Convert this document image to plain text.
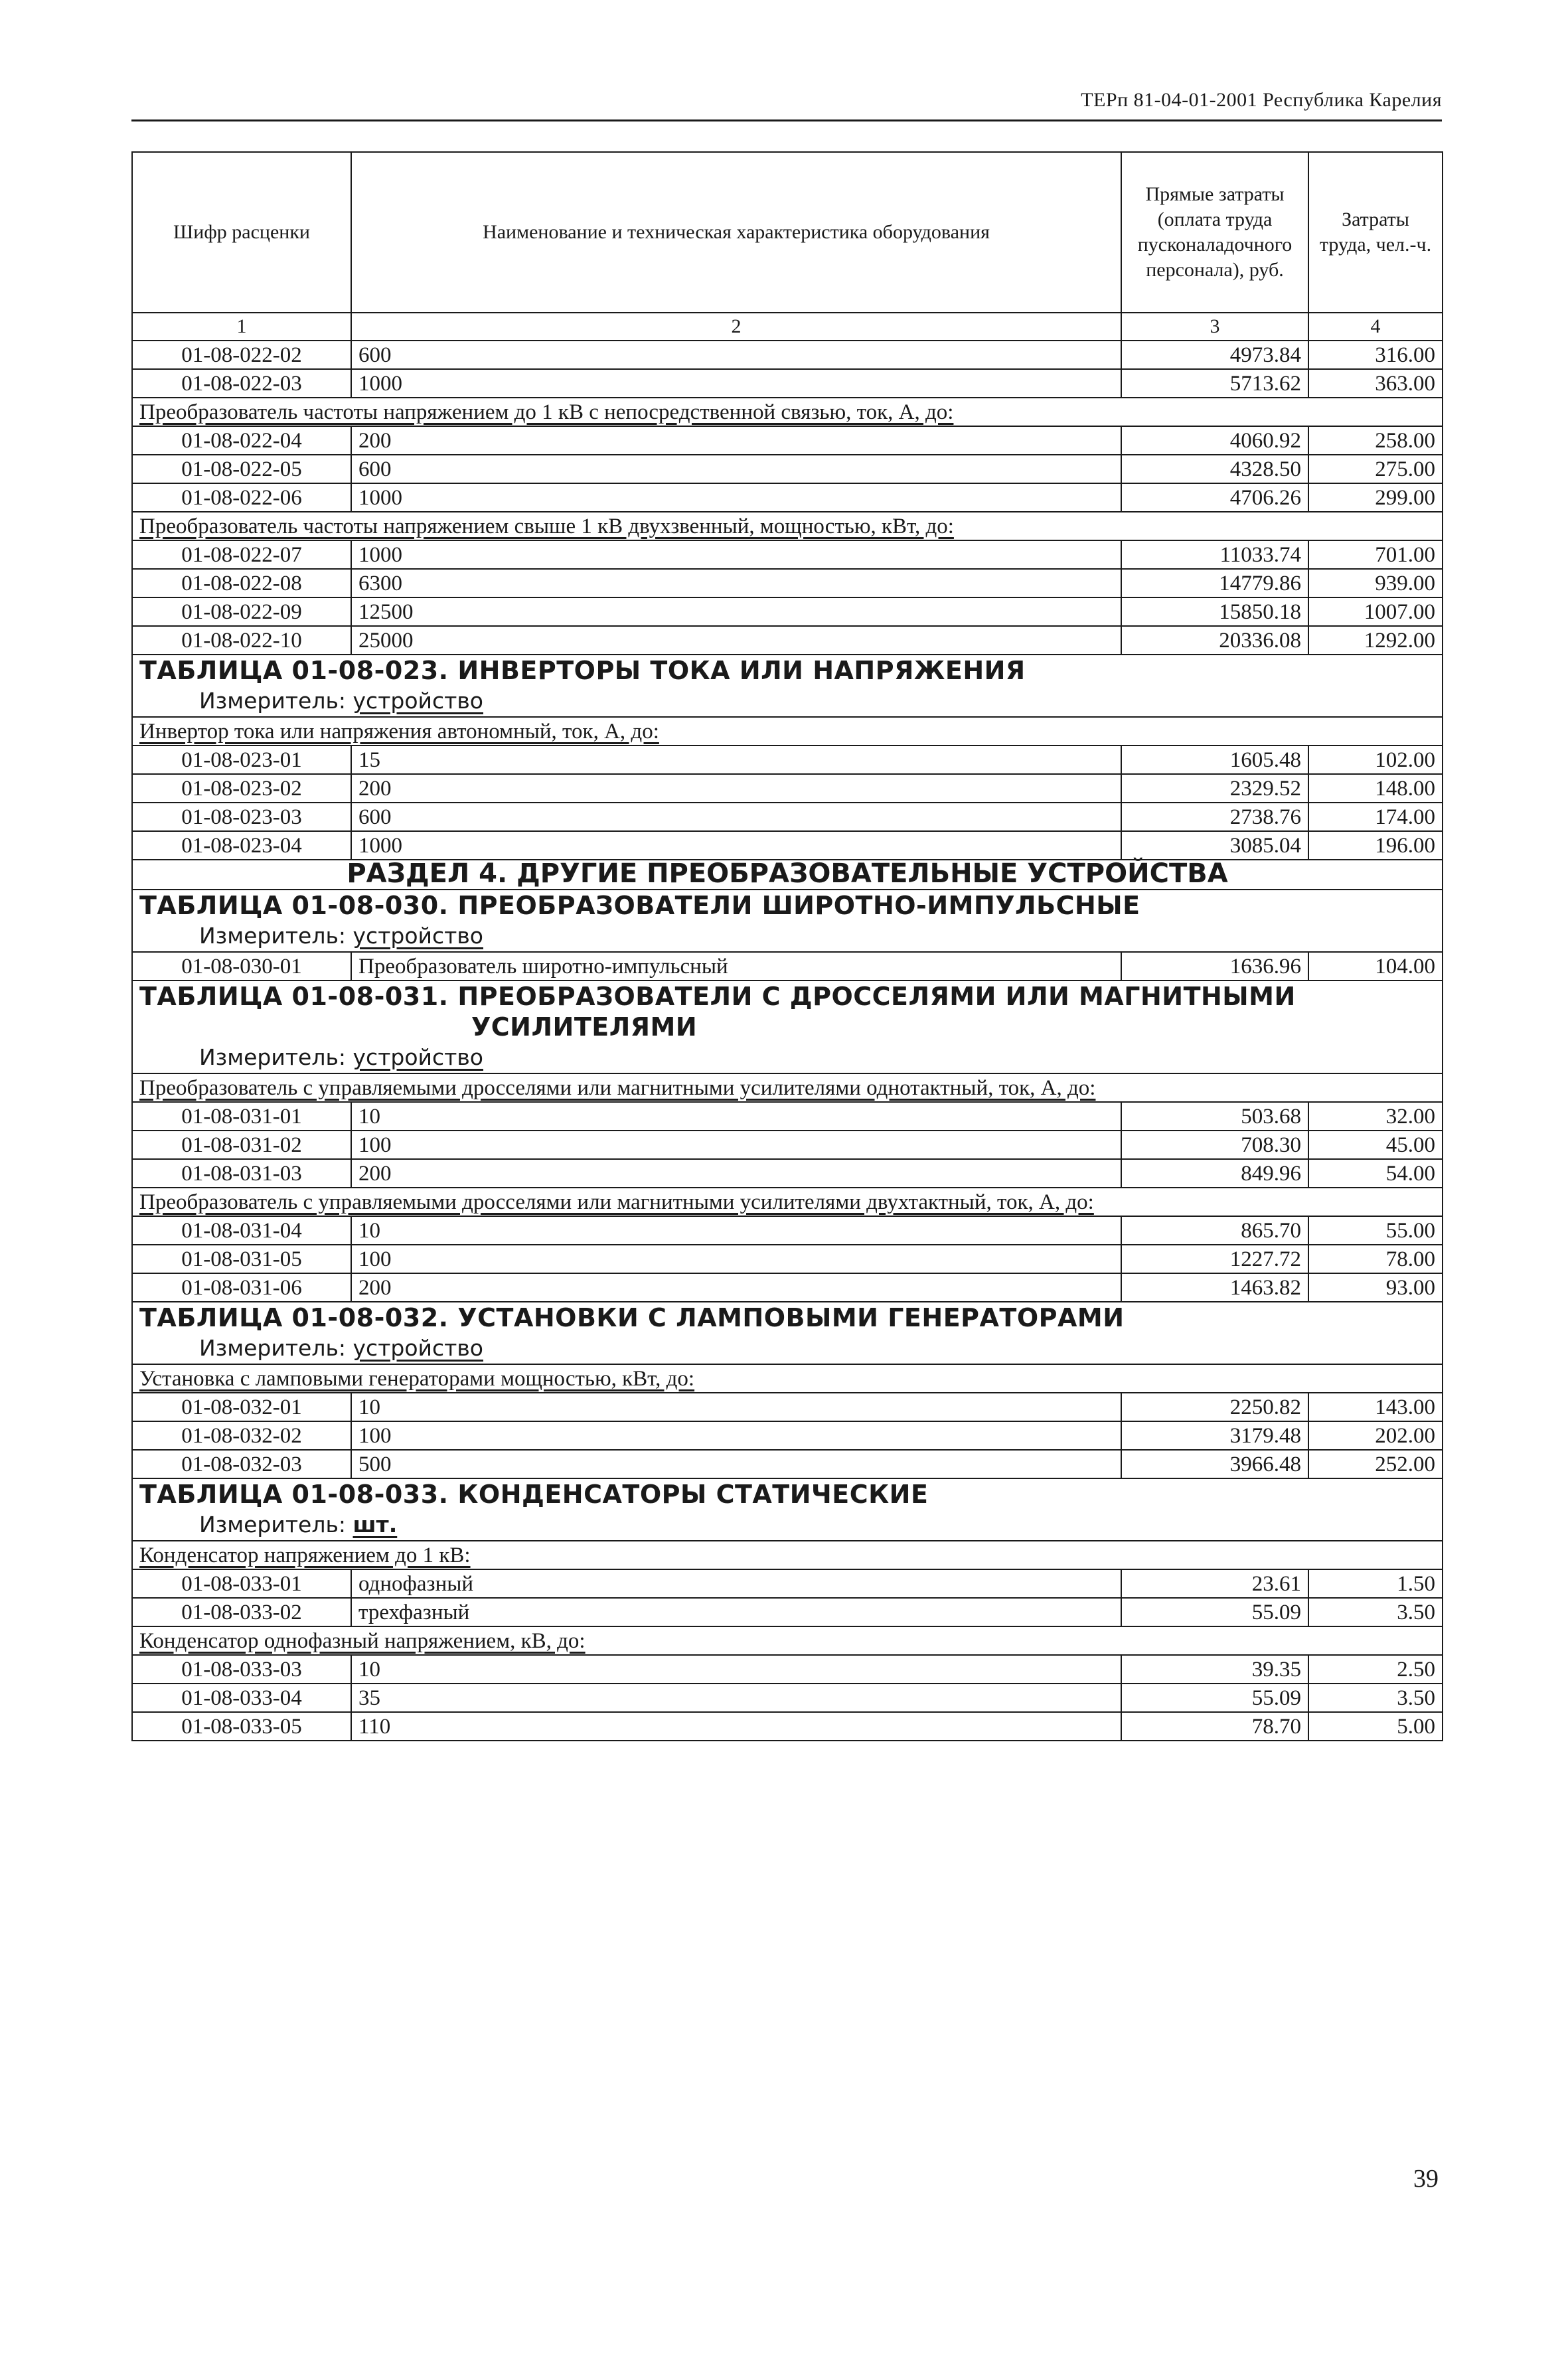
ТЕРп 81-04-01-2001 Республика Карелия
Шифр расценки	Наименование и техническая характеристика оборудования	Прямые затраты (оплата труда пусконаладочного персонала), руб.	Затраты труда, чел.-ч.
1	2	3	4
01-08-022-02	600	4973.84	316.00
01-08-022-03	1000	5713.62	363.00
Преобразователь частоты напряжением до 1 кВ с непосредственной связью, ток, А, до:			
01-08-022-04	200	4060.92	258.00
01-08-022-05	600	4328.50	275.00
01-08-022-06	1000	4706.26	299.00
Преобразователь частоты напряжением свыше 1 кВ двухзвенный, мощностью, кВт, до:			
01-08-022-07	1000	11033.74	701.00
01-08-022-08	6300	14779.86	939.00
01-08-022-09	12500	15850.18	1007.00
01-08-022-10	25000	20336.08	1292.00

ТАБЛИЦА 01-08-023. ИНВЕРТОРЫ ТОКА ИЛИ НАПРЯЖЕНИЯ
Измеритель: устройство			

Инвертор тока или напряжения автономный, ток, А, до:			
01-08-023-01	15	1605.48	102.00
01-08-023-02	200	2329.52	148.00
01-08-023-03	600	2738.76	174.00
01-08-023-04	1000	3085.04	196.00
РАЗДЕЛ 4. ДРУГИЕ ПРЕОБРАЗОВАТЕЛЬНЫЕ УСТРОЙСТВА			

ТАБЛИЦА 01-08-030. ПРЕОБРАЗОВАТЕЛИ ШИРОТНО-ИМПУЛЬСНЫЕ
Измеритель: устройство			

01-08-030-01	Преобразователь широтно-импульсный	1636.96	104.00

ТАБЛИЦА 01-08-031. ПРЕОБРАЗОВАТЕЛИ С ДРОССЕЛЯМИ ИЛИ МАГНИТНЫМИ
УСИЛИТЕЛЯМИ
Измеритель: устройство			

Преобразователь с управляемыми дросселями или магнитными усилителями однотактный, ток, А, до:			
01-08-031-01	10	503.68	32.00
01-08-031-02	100	708.30	45.00
01-08-031-03	200	849.96	54.00
Преобразователь с управляемыми дросселями или магнитными усилителями двухтактный, ток, А, до:			
01-08-031-04	10	865.70	55.00
01-08-031-05	100	1227.72	78.00
01-08-031-06	200	1463.82	93.00

ТАБЛИЦА 01-08-032. УСТАНОВКИ С ЛАМПОВЫМИ ГЕНЕРАТОРАМИ
Измеритель: устройство			

Установка с ламповыми генераторами мощностью, кВт, до:			
01-08-032-01	10	2250.82	143.00
01-08-032-02	100	3179.48	202.00
01-08-032-03	500	3966.48	252.00

ТАБЛИЦА 01-08-033. КОНДЕНСАТОРЫ СТАТИЧЕСКИЕ
Измеритель: шт.			

Конденсатор напряжением до 1 кВ:			
01-08-033-01	однофазный	23.61	1.50
01-08-033-02	трехфазный	55.09	3.50
Конденсатор однофазный напряжением, кВ, до:			
01-08-033-03	10	39.35	2.50
01-08-033-04	35	55.09	3.50
01-08-033-05	110	78.70	5.00
39
